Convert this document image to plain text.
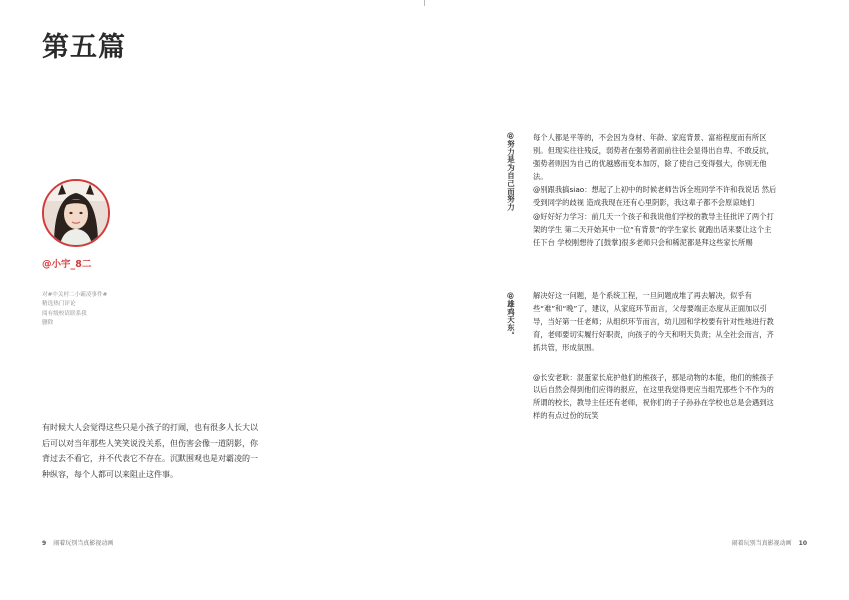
第五篇
@小宇_8二
对#中关村二小霸凌事件#
精选热门评论
阅有级校请联系我
删除

有时候大人会觉得这些只是小孩子的打闹，也有很多人长大以后可以对当年那些人笑笑说没关系，但伤害会像一道阴影，你背过去不看它，并不代表它不存在。沉默围观也是对霸凌的一种纵容，每个人都可以来阻止这件事。

9 闹着玩别当真影视动画
@努力是为自己而努力 每个人都是平等的，不会因为身材、年龄、家庭背景、富裕程度而有所区别。但现实往往残反，弱势者在强势者面前往往会显得出自卑、不敢反抗，强势者则因为自己的优越感而变本加厉，除了使自己变得强大，你别无他法。

@别跟我搞siao：想起了上初中的时候老师告诉全班同学不许和我说话 然后受到同学的歧视 造成我现在还有心里阴影，我这辈子都不会原谅她们

@好好好力学习：前几天一个孩子和我说他们学校的教导主任批评了两个打架的学生 第二天开始其中一位“有背景”的学生家长 就跑出话来要让这个主任下台 学校刚想待了[鼓掌]很多老师只会和稀泥都是拜这些家长所赐

@雄鸡天东。 解决好这一问题，是个系统工程，一旦问题成堆了再去解决，似乎有些“难”和“晚”了，建议，从家庭环节而言，父母要端正态度从正面加以引导，当好第一任老师；从组织环节而言，幼儿园和学校要有针对性地进行教育，老师要切实履行好职责，向孩子的今天和明天负责；从全社会而言，齐抓共管，形成氛围。

@长安老耿：混蛋家长庇护他们的熊孩子，那是动物的本能，他们的熊孩子以后自然会得到他们应得的报应，在这里我觉得更应当组咒那些个不作为的所谓的校长，教导主任还有老师，祝你们的子子孙孙在学校也总是会遇到这样的有点过份的玩笑

闹着玩别当真影视动画 10
